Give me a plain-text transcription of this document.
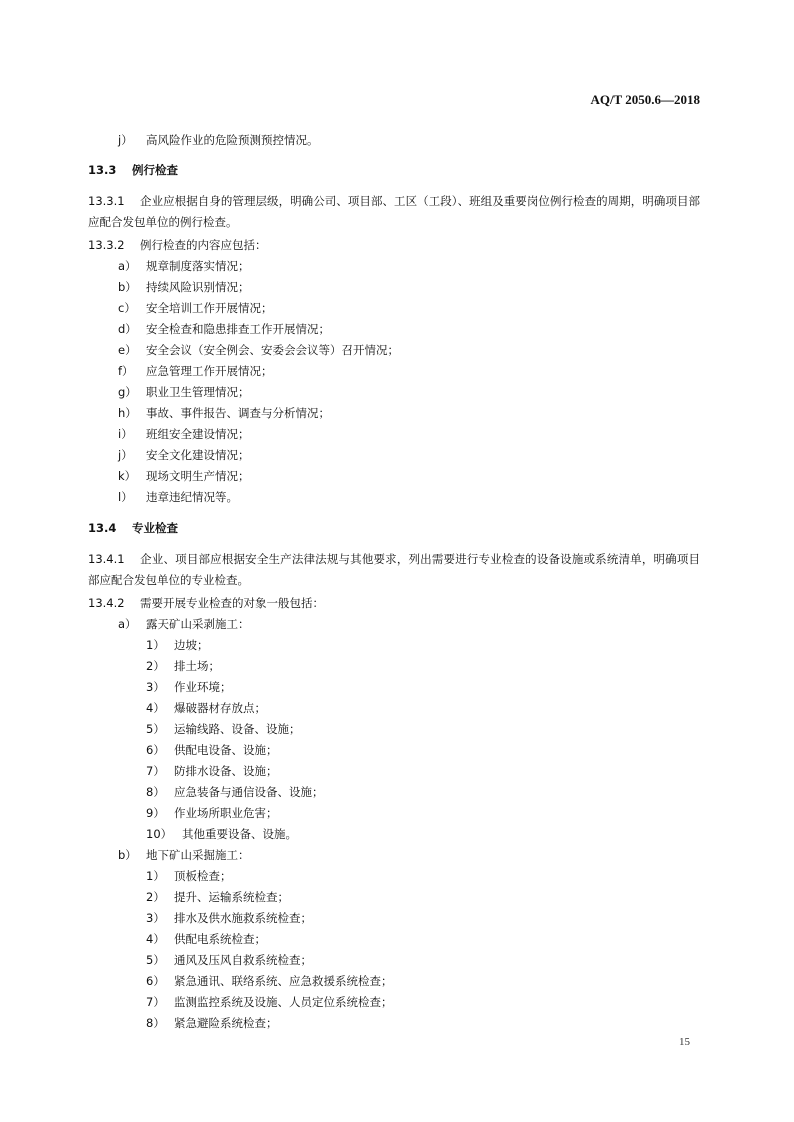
AQ/T 2050.6—2018
j） 高风险作业的危险预测预控情况。
13.3 例行检查
13.3.1 企业应根据自身的管理层级，明确公司、项目部、工区（工段）、班组及重要岗位例行检查的周期，明确项目部应配合发包单位的例行检查。
13.3.2 例行检查的内容应包括：
a） 规章制度落实情况；
b） 持续风险识别情况；
c） 安全培训工作开展情况；
d） 安全检查和隐患排查工作开展情况；
e） 安全会议（安全例会、安委会会议等）召开情况；
f） 应急管理工作开展情况；
g） 职业卫生管理情况；
h） 事故、事件报告、调查与分析情况；
i） 班组安全建设情况；
j） 安全文化建设情况；
k） 现场文明生产情况；
l） 违章违纪情况等。
13.4 专业检查
13.4.1 企业、项目部应根据安全生产法律法规与其他要求，列出需要进行专业检查的设备设施或系统清单，明确项目部应配合发包单位的专业检查。
13.4.2 需要开展专业检查的对象一般包括：
a） 露天矿山采剥施工：
1） 边坡；
2） 排土场；
3） 作业环境；
4） 爆破器材存放点；
5） 运输线路、设备、设施；
6） 供配电设备、设施；
7） 防排水设备、设施；
8） 应急装备与通信设备、设施；
9） 作业场所职业危害；
10） 其他重要设备、设施。
b） 地下矿山采掘施工：
1） 顶板检查；
2） 提升、运输系统检查；
3） 排水及供水施救系统检查；
4） 供配电系统检查；
5） 通风及压风自救系统检查；
6） 紧急通讯、联络系统、应急救援系统检查；
7） 监测监控系统及设施、人员定位系统检查；
8） 紧急避险系统检查；
15
